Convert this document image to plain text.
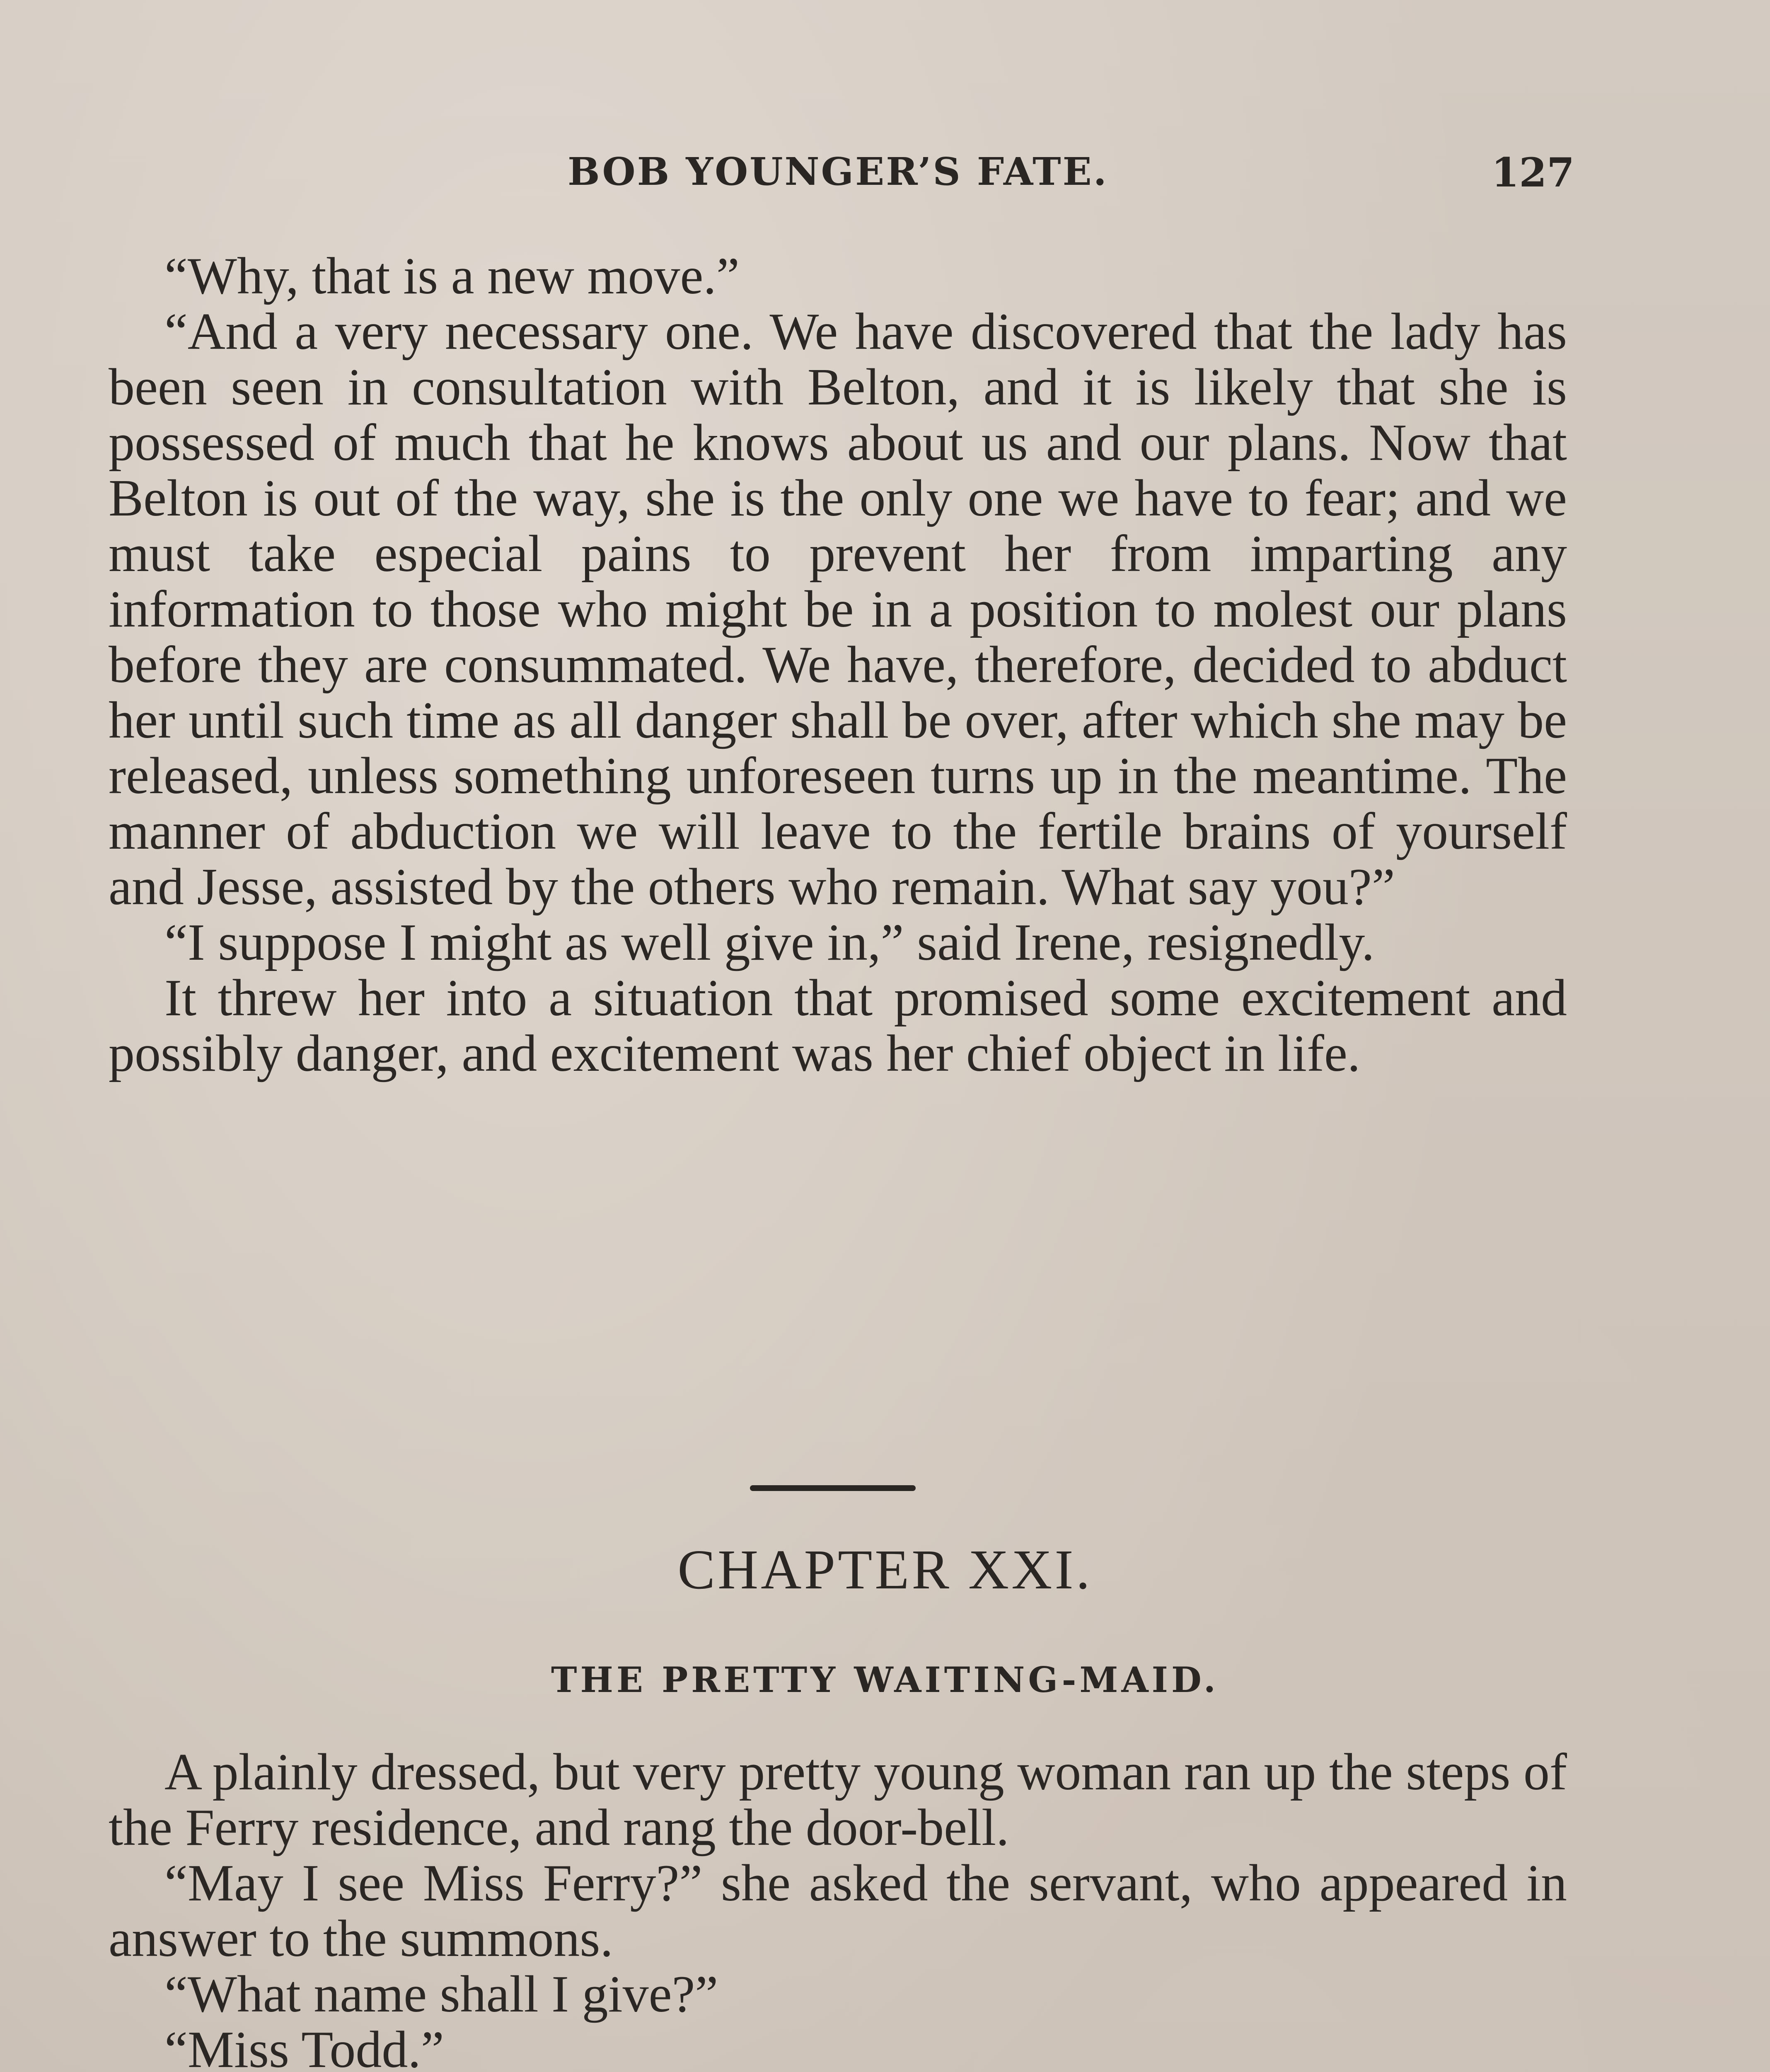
BOB YOUNGER’S FATE.	127

“Why, that is a new move.”

“And a very necessary one. We have discovered that the lady has been seen in consultation with Belton, and it is likely that she is possessed of much that he knows about us and our plans. Now that Belton is out of the way, she is the only one we have to fear; and we must take especial pains to prevent her from imparting any information to those who might be in a position to molest our plans before they are consummated. We have, therefore, decided to abduct her until such time as all danger shall be over, after which she may be released, unless something unforeseen turns up in the meantime. The manner of abduction we will leave to the fertile brains of yourself and Jesse, assisted by the others who remain. What say you?”

“I suppose I might as well give in,” said Irene, resignedly.

It threw her into a situation that promised some excitement and possibly danger, and excitement was her chief object in life.

CHAPTER XXI.
THE PRETTY WAITING-MAID.

A plainly dressed, but very pretty young woman ran up the steps of the Ferry residence, and rang the door-bell.

“May I see Miss Ferry?” she asked the servant, who appeared in answer to the summons.

“What name shall I give?”

“Miss Todd.”
